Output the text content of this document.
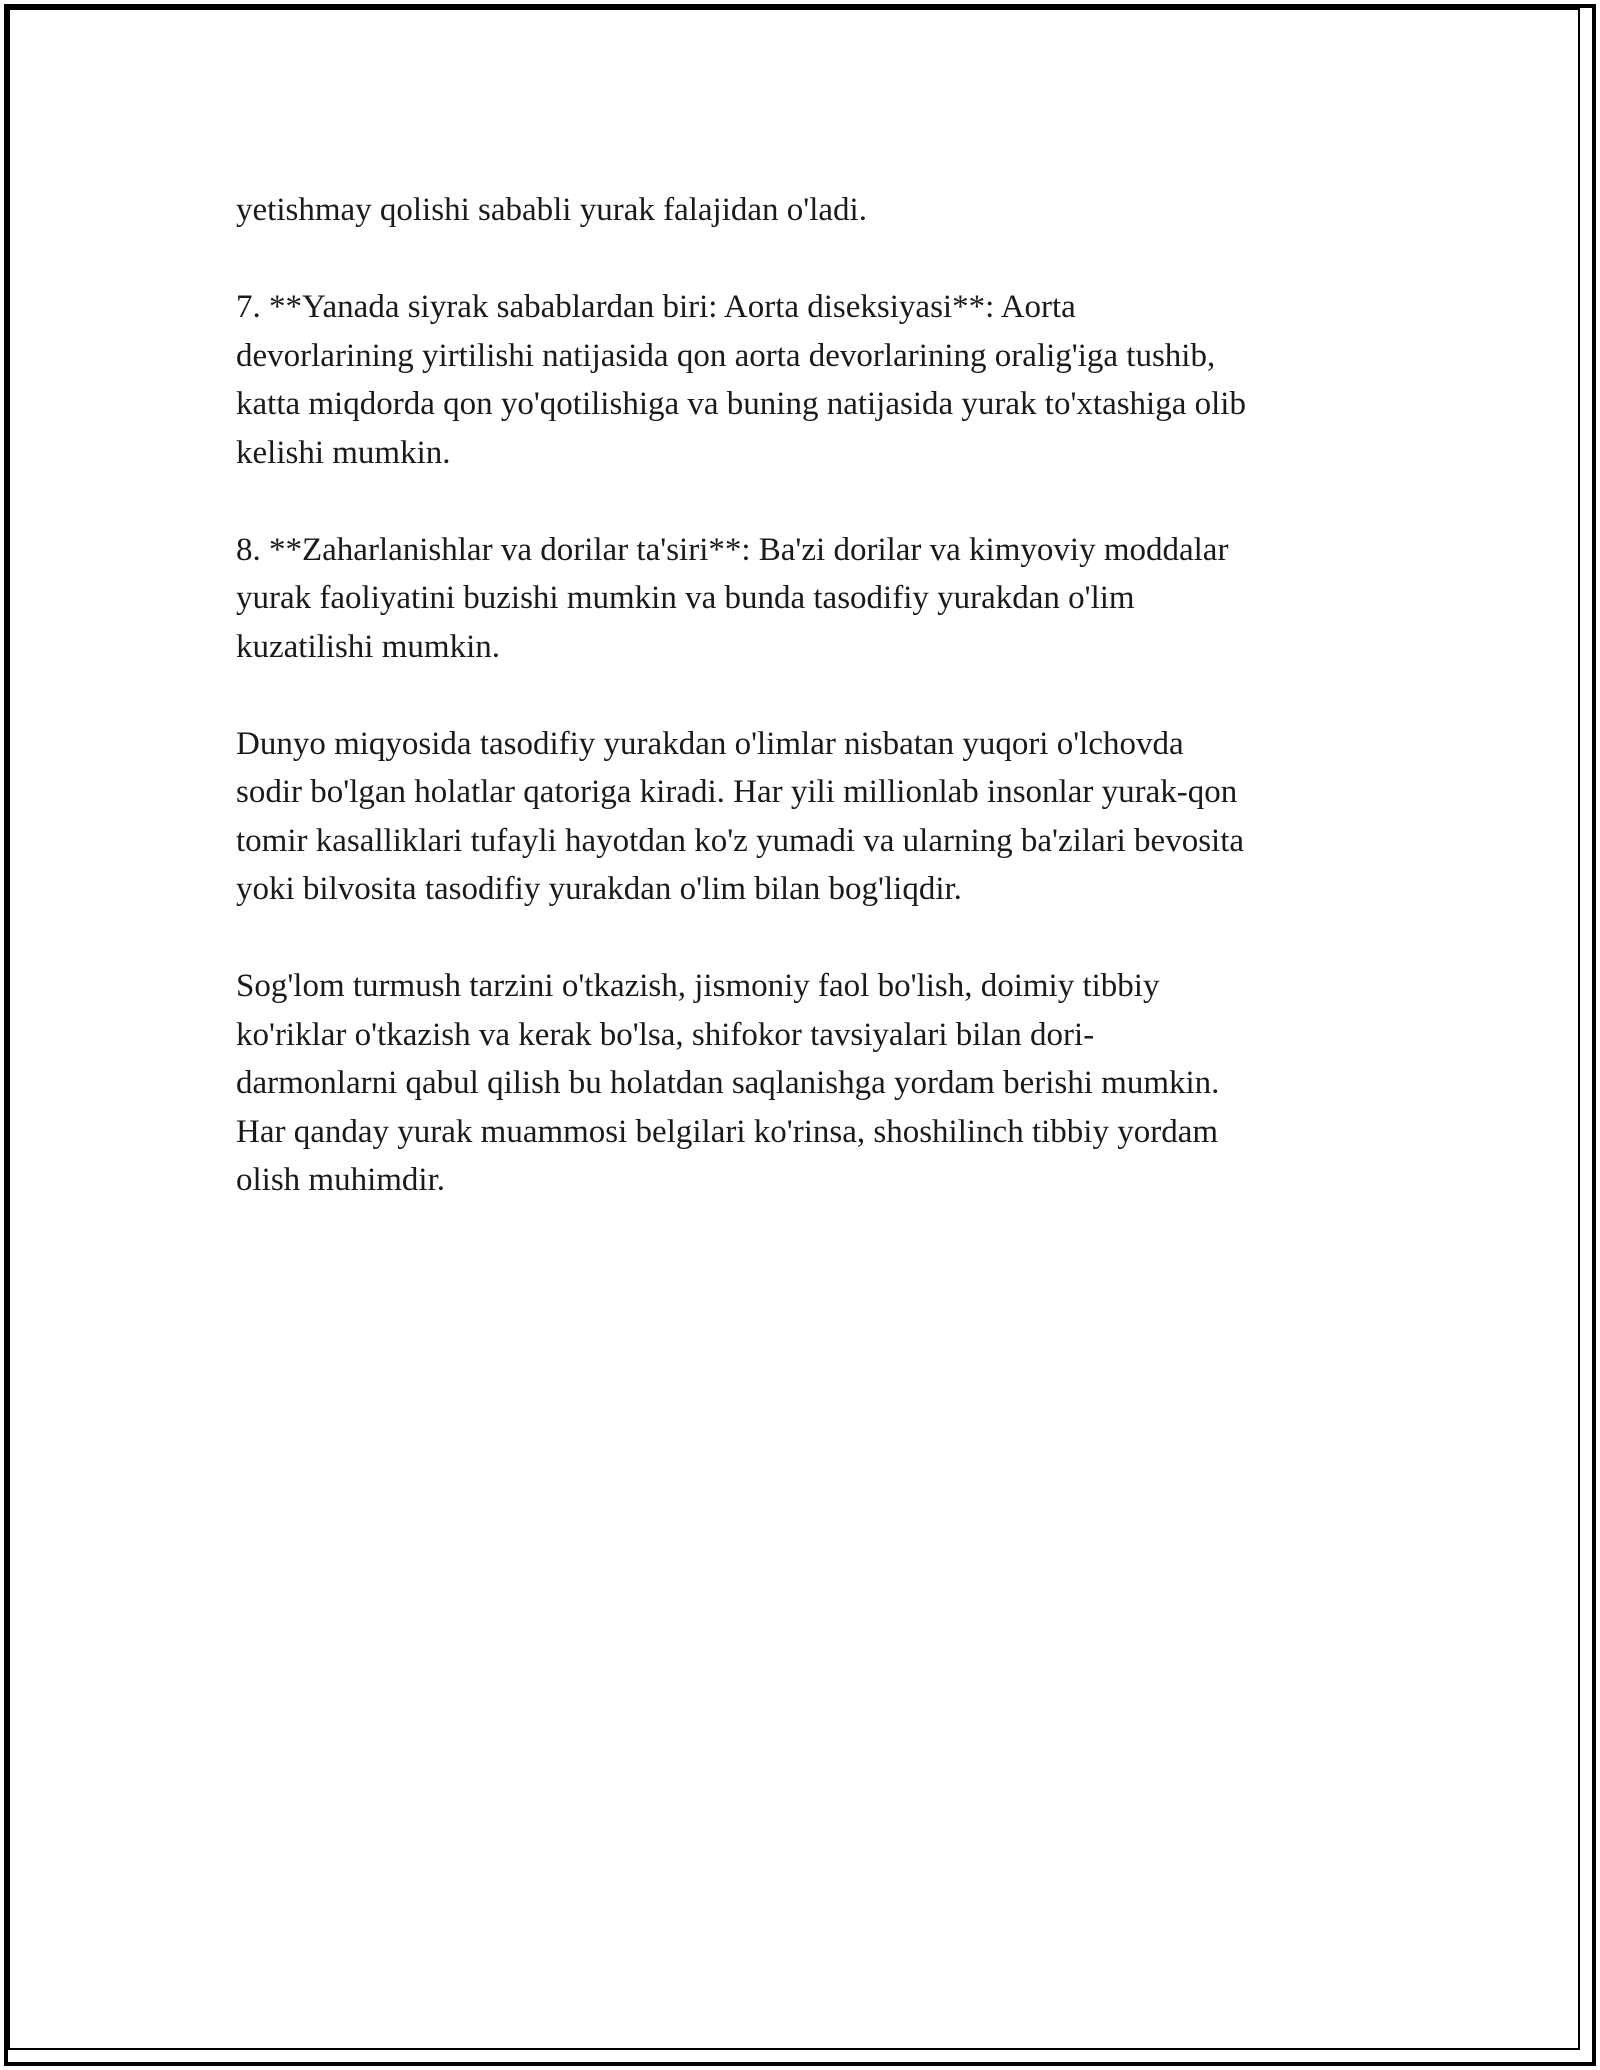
yetishmay qolishi sababli yurak falajidan o'ladi.
7. **Yanada siyrak sabablardan biri: Aorta diseksiyasi**: Aorta
devorlarining yirtilishi natijasida qon aorta devorlarining oralig'iga tushib,
katta miqdorda qon yo'qotilishiga va buning natijasida yurak to'xtashiga olib
kelishi mumkin.
8. **Zaharlanishlar va dorilar ta'siri**: Ba'zi dorilar va kimyoviy moddalar
yurak faoliyatini buzishi mumkin va bunda tasodifiy yurakdan o'lim
kuzatilishi mumkin.
Dunyo miqyosida tasodifiy yurakdan o'limlar nisbatan yuqori o'lchovda
sodir bo'lgan holatlar qatoriga kiradi. Har yili millionlab insonlar yurak-qon
tomir kasalliklari tufayli hayotdan ko'z yumadi va ularning ba'zilari bevosita
yoki bilvosita tasodifiy yurakdan o'lim bilan bog'liqdir.
Sog'lom turmush tarzini o'tkazish, jismoniy faol bo'lish, doimiy tibbiy
ko'riklar o'tkazish va kerak bo'lsa, shifokor tavsiyalari bilan dori-
darmonlarni qabul qilish bu holatdan saqlanishga yordam berishi mumkin.
Har qanday yurak muammosi belgilari ko'rinsa, shoshilinch tibbiy yordam
olish muhimdir.
